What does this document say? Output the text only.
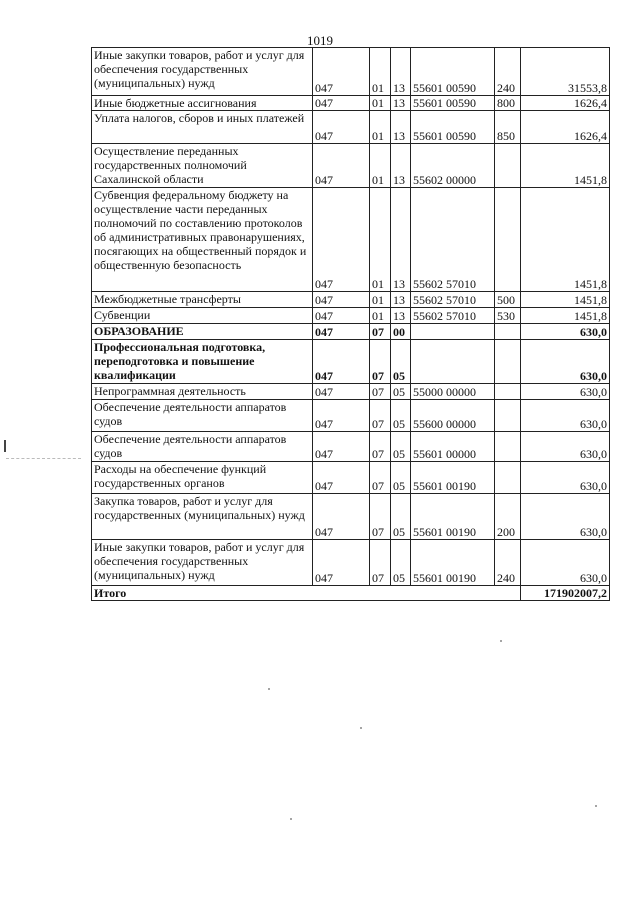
1019
Иные закупки товаров, работ и услуг для обеспечения государственных (муниципальных) нужд	047	01	13	55601 00590	240	31553,8
Иные бюджетные ассигнования	047	01	13	55601 00590	800	1626,4
Уплата налогов, сборов и иных платежей	047	01	13	55601 00590	850	1626,4
Осуществление переданных государственных полномочий Сахалинской области	047	01	13	55602 00000		1451,8
Субвенция федеральному бюджету на осуществление части переданных полномочий по составлению протоколов об административных правонарушениях, посягающих на общественный порядок и общественную безопасность	047	01	13	55602 57010		1451,8
Межбюджетные трансферты	047	01	13	55602 57010	500	1451,8
Субвенции	047	01	13	55602 57010	530	1451,8
ОБРАЗОВАНИЕ	047	07	00			630,0
Профессиональная подготовка, переподготовка и повышение квалификации	047	07	05			630,0
Непрограммная деятельность	047	07	05	55000 00000		630,0
Обеспечение деятельности аппаратов судов	047	07	05	55600 00000		630,0
Обеспечение деятельности аппаратов судов	047	07	05	55601 00000		630,0
Расходы на обеспечение функций государственных органов	047	07	05	55601 00190		630,0
Закупка товаров, работ и услуг для государственных (муниципальных) нужд	047	07	05	55601 00190	200	630,0
Иные закупки товаров, работ и услуг для обеспечения государственных (муниципальных) нужд	047	07	05	55601 00190	240	630,0
Итого						171902007,2
